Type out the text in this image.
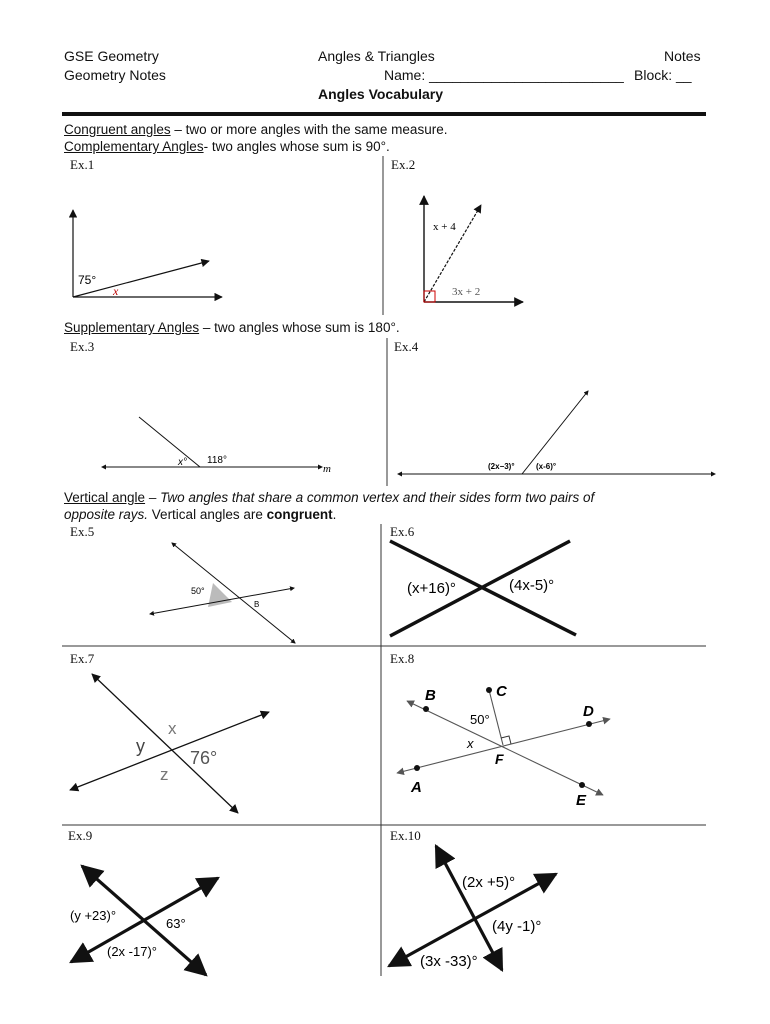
GSE Geometry
Geometry Notes
Angles & Triangles	Notes
Name: _________________________ Block: __
Angles Vocabulary
Congruent angles – two or more angles with the same measure.
Complementary Angles- two angles whose sum is 90°.
Supplementary Angles – two angles whose sum is 180°.
Vertical angle – Two angles that share a common vertex and their sides form two pairs of
opposite rays. Vertical angles are congruent.
Ex.1	Ex.2
Ex.3	Ex.4
Ex.5	Ex.6
Ex.7	Ex.8
Ex.9	Ex.10
75°
x
x + 4
3x + 2
x° 118°
m	(2x−3)°	(x-6)°
50°
B
(x+16)°	(4x-5)°
x
y
76°
z
B	C
D
A
E
F
50°
x
(y +23)°
63°
(2x -17)°
(2x +5)°
(4y -1)°
(3x -33)°
